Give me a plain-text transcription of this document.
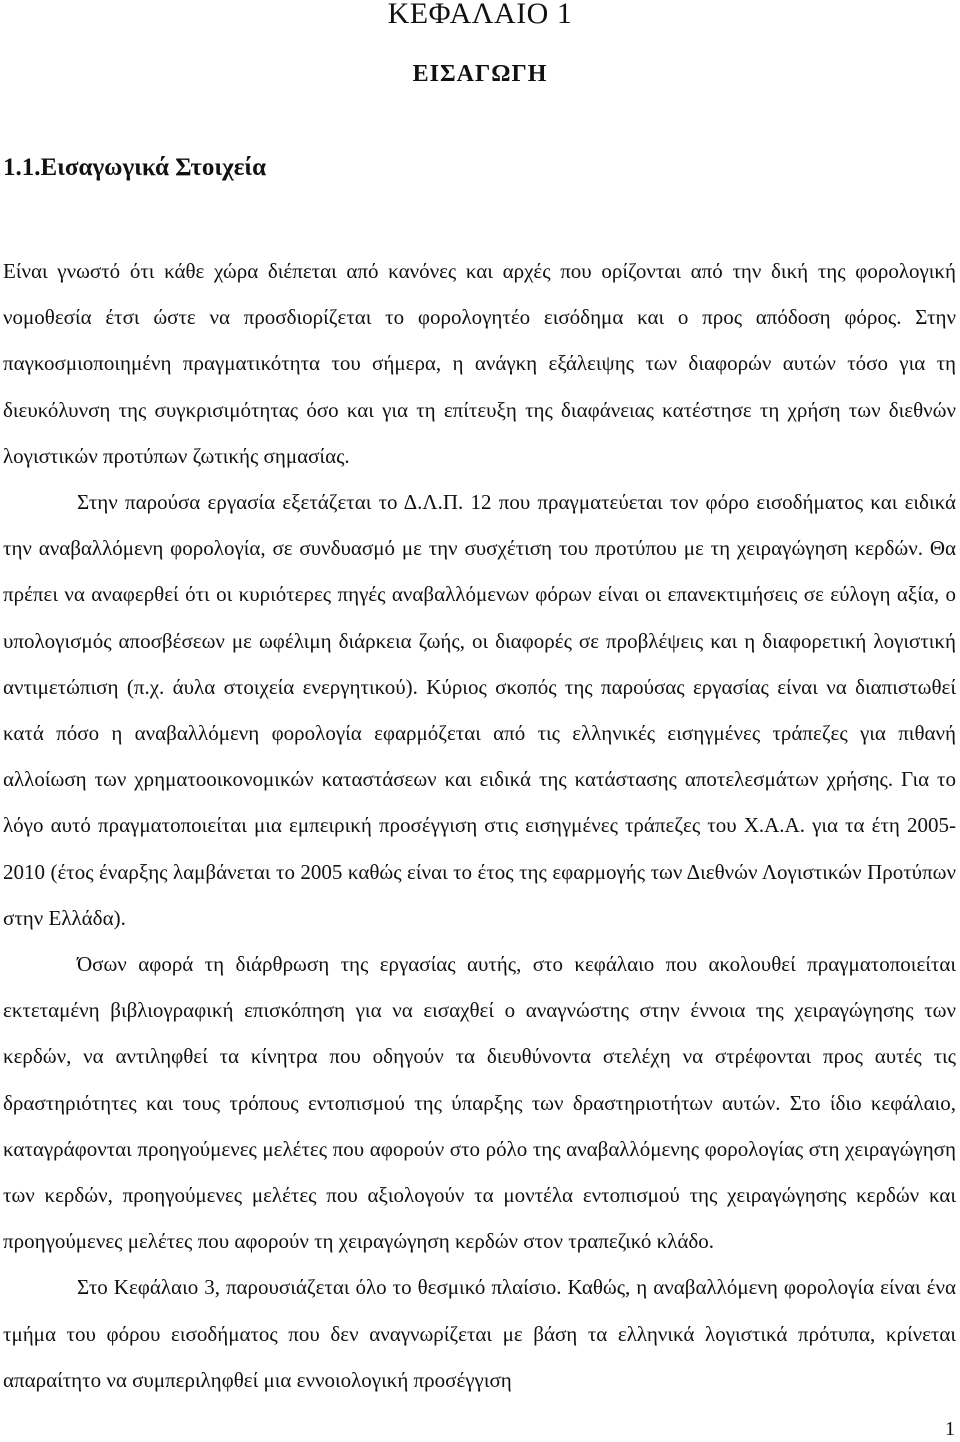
ΚΕΦΑΛΑΙΟ 1
ΕΙΣΑΓΩΓΗ
1.1.Εισαγωγικά Στοιχεία

Είναι γνωστό ότι κάθε χώρα διέπεται από κανόνες και αρχές που ορίζονται από την δική της φορολογική νομοθεσία έτσι ώστε να προσδιορίζεται το φορολογητέο εισόδημα και ο προς απόδοση φόρος. Στην παγκοσμιοποιημένη πραγματικότητα του σήμερα, η ανάγκη εξάλειψης των διαφορών αυτών τόσο για τη διευκόλυνση της συγκρισιμότητας όσο και για τη επίτευξη της διαφάνειας κατέστησε τη χρήση των διεθνών λογιστικών προτύπων ζωτικής σημασίας.

Στην παρούσα εργασία εξετάζεται το Δ.Λ.Π. 12 που πραγματεύεται τον φόρο εισοδήματος και ειδικά την αναβαλλόμενη φορολογία, σε συνδυασμό με την συσχέτιση του προτύπου με τη χειραγώγηση κερδών. Θα πρέπει να αναφερθεί ότι οι κυριότερες πηγές αναβαλλόμενων φόρων είναι οι επανεκτιμήσεις σε εύλογη αξία, ο υπολογισμός αποσβέσεων με ωφέλιμη διάρκεια ζωής, οι διαφορές σε προβλέψεις και η διαφορετική λογιστική αντιμετώπιση (π.χ. άυλα στοιχεία ενεργητικού). Κύριος σκοπός της παρούσας εργασίας είναι να διαπιστωθεί κατά πόσο η αναβαλλόμενη φορολογία εφαρμόζεται από τις ελληνικές εισηγμένες τράπεζες για πιθανή αλλοίωση των χρηματοοικονομικών καταστάσεων και ειδικά της κατάστασης αποτελεσμάτων χρήσης. Για το λόγο αυτό πραγματοποιείται μια εμπειρική προσέγγιση στις εισηγμένες τράπεζες του Χ.Α.Α. για τα έτη 2005-2010 (έτος έναρξης λαμβάνεται το 2005 καθώς είναι το έτος της εφαρμογής των Διεθνών Λογιστικών Προτύπων στην Ελλάδα).

Όσων αφορά τη διάρθρωση της εργασίας αυτής, στο κεφάλαιο που ακολουθεί πραγματοποιείται εκτεταμένη βιβλιογραφική επισκόπηση για να εισαχθεί ο αναγνώστης στην έννοια της χειραγώγησης των κερδών, να αντιληφθεί τα κίνητρα που οδηγούν τα διευθύνοντα στελέχη να στρέφονται προς αυτές τις δραστηριότητες και τους τρόπους εντοπισμού της ύπαρξης των δραστηριοτήτων αυτών. Στο ίδιο κεφάλαιο, καταγράφονται προηγούμενες μελέτες που αφορούν στο ρόλο της αναβαλλόμενης φορολογίας στη χειραγώγηση των κερδών, προηγούμενες μελέτες που αξιολογούν τα μοντέλα εντοπισμού της χειραγώγησης κερδών και προηγούμενες μελέτες που αφορούν τη χειραγώγηση κερδών στον τραπεζικό κλάδο.

Στο Κεφάλαιο 3, παρουσιάζεται όλο το θεσμικό πλαίσιο. Καθώς, η αναβαλλόμενη φορολογία είναι ένα τμήμα του φόρου εισοδήματος που δεν αναγνωρίζεται με βάση τα ελληνικά λογιστικά πρότυπα, κρίνεται απαραίτητο να συμπεριληφθεί μια εννοιολογική προσέγγιση

1
